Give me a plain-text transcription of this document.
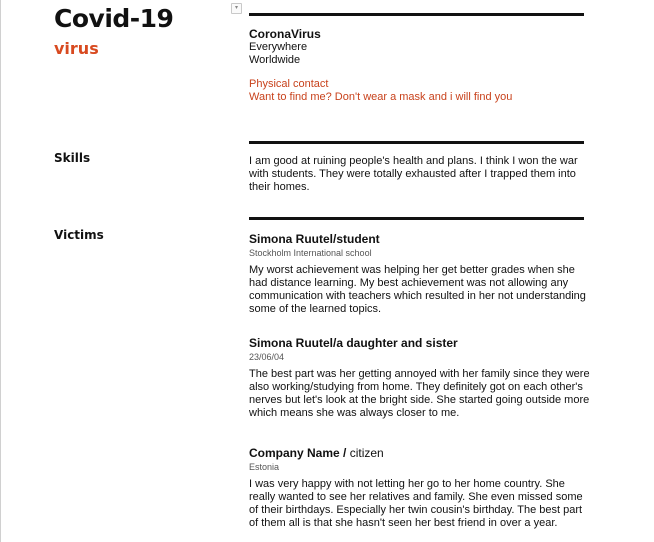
Covid-19
virus
▾
CoronaVirus
Everywhere
Worldwide
Physical contact
Want to find me? Don't wear a mask and i will find you
Skills	I am good at ruining people's health and plans. I think I won the war with students. They were totally exhausted after I trapped them into their homes.
Victims	Simona Ruutel/student
Stockholm International school
My worst achievement was helping her get better grades when she had distance learning. My best achievement was not allowing any communication with teachers which resulted in her not understanding some of the learned topics.
Simona Ruutel/a daughter and sister
23/06/04
The best part was her getting annoyed with her family since they were also working/studying from home. They definitely got on each other's nerves but let's look at the bright side. She started going outside more which means she was always closer to me.
Company Name / citizen
Estonia
I was very happy with not letting her go to her home country. She really wanted to see her relatives and family. She even missed some of their birthdays. Especially her twin cousin's birthday. The best part of them all is that she hasn't seen her best friend in over a year.
